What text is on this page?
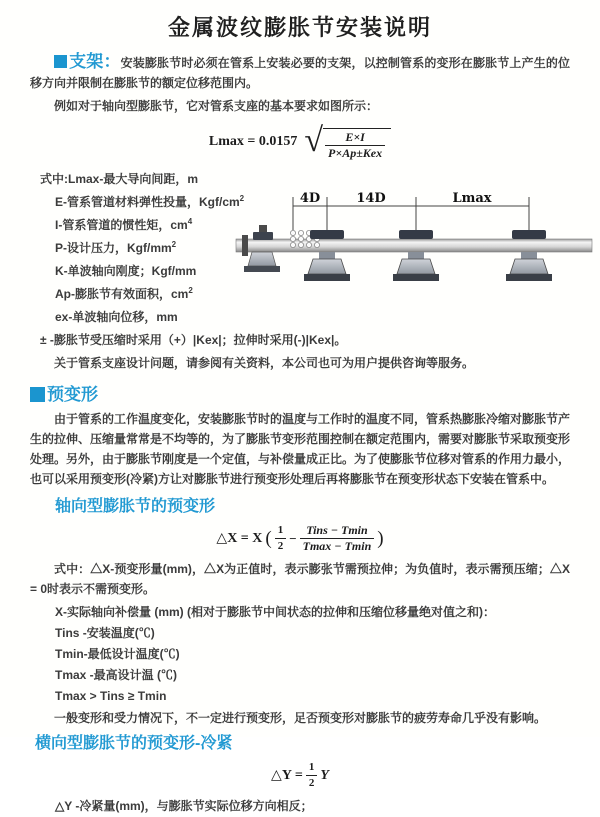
金属波纹膨胀节安装说明

支架：安装膨胀节时必须在管系上安装必要的支架，以控制管系的变形在膨胀节上产生的位移方向并限制在膨胀节的额定位移范围内。

例如对于轴向型膨胀节，它对管系支座的基本要求如图所示：

Lmax = 0.0157 √ $\frac{E\times I}{\text{P×Ap±Kex}}$
式中:Lmax-最大导向间距，m
E-管系管道材料弹性投量，Kgf/$cm^2$
I-管系管道的惯性矩，$cm^4$
P-设计压力，Kgf/$mm^2$
K-单波轴向刚度；Kgf/mm
Ap-膨胀节有效面积，$cm^2$
ex-单波轴向位移，mm
4D	14D	Lmax
± -膨胀节受压缩时采用（+）|Kex|；拉伸时采用(-)|Kex|。
关于管系支座设计问题，请参阅有关资料，本公司也可为用户提供咨询等服务。
预变形

由于管系的工作温度变化，安装膨胀节时的温度与工作时的温度不同，管系热膨胀冷缩对膨胀节产生的拉伸、压缩量常常是不均等的，为了膨胀节变形范围控制在额定范围内，需要对膨胀节采取预变形处理。另外，由于膨胀节刚度是一个定值，与补偿量成正比。为了使膨胀节位移对管系的作用力最小，也可以采用预变形(冷紧)方让对膨胀节进行预变形处理后再将膨胀节在预变形状态下安装在管系中。

轴向型膨胀节的预变形
△X = X ( $\frac{1}{2} - \frac{\text{Tins − Tmin}}{Tmax - Tmin}$ )

式中：△X-预变形量(mm)，△X为正值时，表示膨张节需预拉伸；为负值时，表示需预压缩；△X = 0时表示不需预变形。

X-实际轴向补偿量 (mm) (相对于膨胀节中间状态的拉伸和压缩位移量绝对值之和)：

Tins -安装温度(℃)

Tmin-最低设计温度(℃)

Tmax -最高设计温 (℃)

Tmax > Tins ≥ Tmin

一般变形和受力情况下，不一定进行预变形，足否预变形对膨胀节的疲劳寿命几乎没有影响。

横向型膨胀节的预变形-冷紧
△Y = $\frac{1}{2}$ Y

△Y -冷紧量(mm)，与膨胀节实际位移方向相反；
